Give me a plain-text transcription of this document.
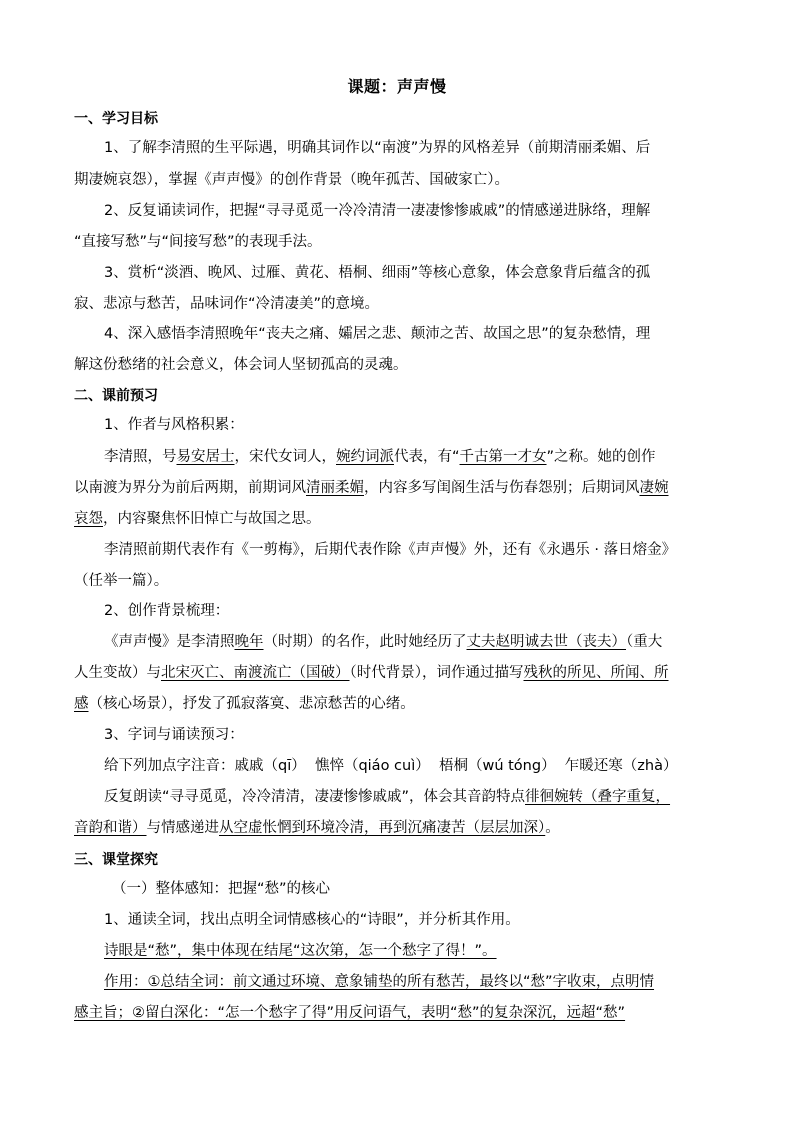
课题：声声慢
一、学习目标
1、了解李清照的生平际遇，明确其词作以“南渡”为界的风格差异（前期清丽柔媚、后
期凄婉哀怨），掌握《声声慢》的创作背景（晚年孤苦、国破家亡）。
2、反复诵读词作，把握“寻寻觅觅一冷冷清清一凄凄惨惨戚戚”的情感递进脉络，理解
“直接写愁”与“间接写愁”的表现手法。
3、赏析“淡酒、晚风、过雁、黄花、梧桐、细雨”等核心意象，体会意象背后蕴含的孤
寂、悲凉与愁苦，品味词作“冷清凄美”的意境。
4、深入感悟李清照晚年“丧夫之痛、孀居之悲、颠沛之苦、故国之思”的复杂愁情，理
解这份愁绪的社会意义，体会词人坚韧孤高的灵魂。
二、课前预习
1、作者与风格积累：
李清照，号易安居士，宋代女词人，婉约词派代表，有“千古第一才女”之称。她的创作
以南渡为界分为前后两期，前期词风清丽柔媚，内容多写闺阁生活与伤春怨别；后期词风凄婉
哀怨，内容聚焦怀旧悼亡与故国之思。
李清照前期代表作有《一剪梅》，后期代表作除《声声慢》外，还有《永遇乐 · 落日熔金》
（任举一篇）。
2、创作背景梳理：
《声声慢》是李清照晚年（时期）的名作，此时她经历了丈夫赵明诚去世（丧夫）（重大
人生变故）与北宋灭亡、南渡流亡（国破）（时代背景），词作通过描写残秋的所见、所闻、所
感（核心场景），抒发了孤寂落寞、悲凉愁苦的心绪。
3、字词与诵读预习：
给下列加点字注音：戚戚（qī）  憔悴（qiáo cuì）  梧桐（wú tóng）  乍暖还寒（zhà）
反复朗读“寻寻觅觅，冷冷清清，凄凄惨惨戚戚”，体会其音韵特点徘徊婉转（叠字重复，
音韵和谐）与情感递进从空虚怅惘到环境冷清，再到沉痛凄苦（层层加深）。
三、课堂探究
（一）整体感知：把握“愁”的核心
1、通读全词，找出点明全词情感核心的“诗眼”，并分析其作用。
诗眼是“愁”，集中体现在结尾“这次第，怎一个愁字了得！”。
作用：①总结全词：前文通过环境、意象铺垫的所有愁苦，最终以“愁”字收束，点明情
感主旨；②留白深化：“怎一个愁字了得”用反问语气，表明“愁”的复杂深沉，远超“愁”
